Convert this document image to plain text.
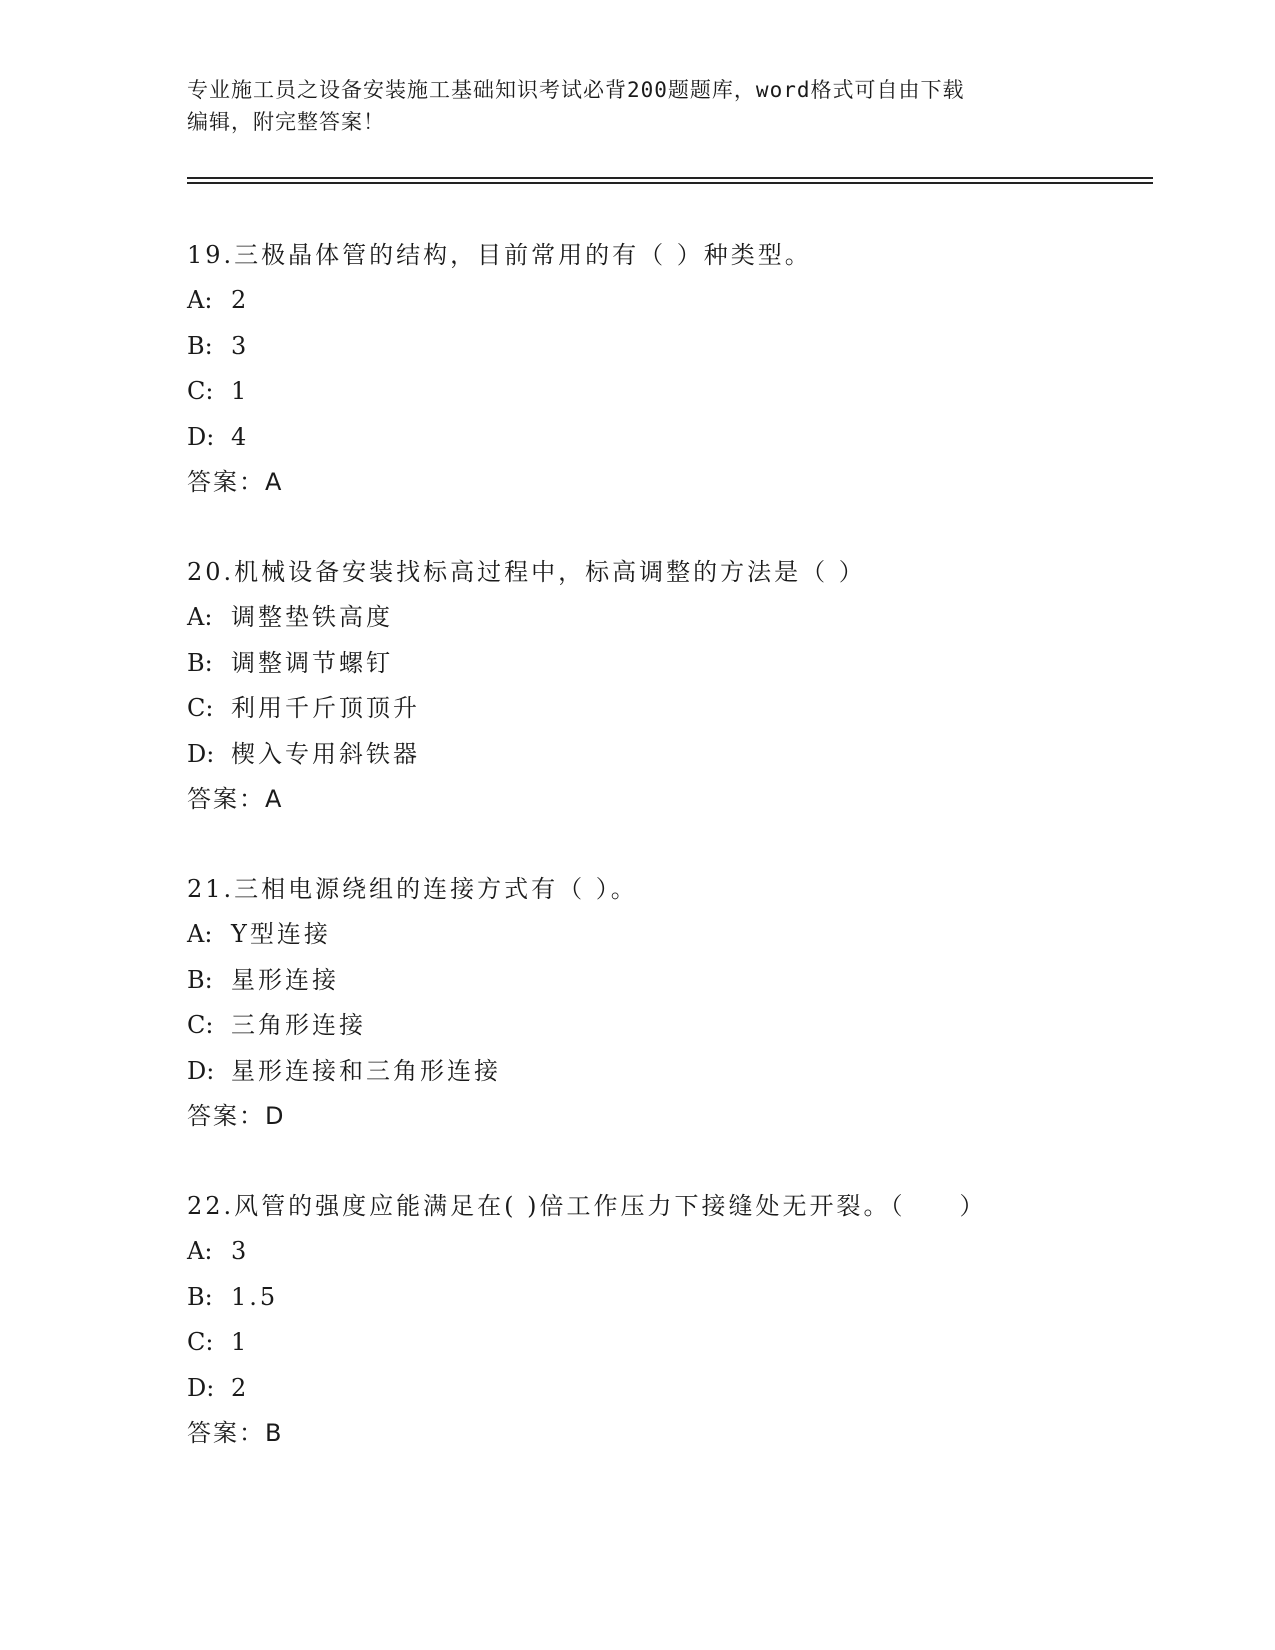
专业施工员之设备安装施工基础知识考试必背200题题库，word格式可自由下载
编辑，附完整答案！
19.三极晶体管的结构，目前常用的有（ ）种类型。
A: 2
B: 3
C: 1
D: 4
答案：A
20.机械设备安装找标高过程中，标高调整的方法是（ ）
A: 调整垫铁高度
B: 调整调节螺钉
C: 利用千斤顶顶升
D: 楔入专用斜铁器
答案：A
21.三相电源绕组的连接方式有（ ）。
A: Y型连接
B: 星形连接
C: 三角形连接
D: 星形连接和三角形连接
答案：D
22.风管的强度应能满足在( )倍工作压力下接缝处无开裂。（　　）
A: 3
B: 1.5
C: 1
D: 2
答案：B
